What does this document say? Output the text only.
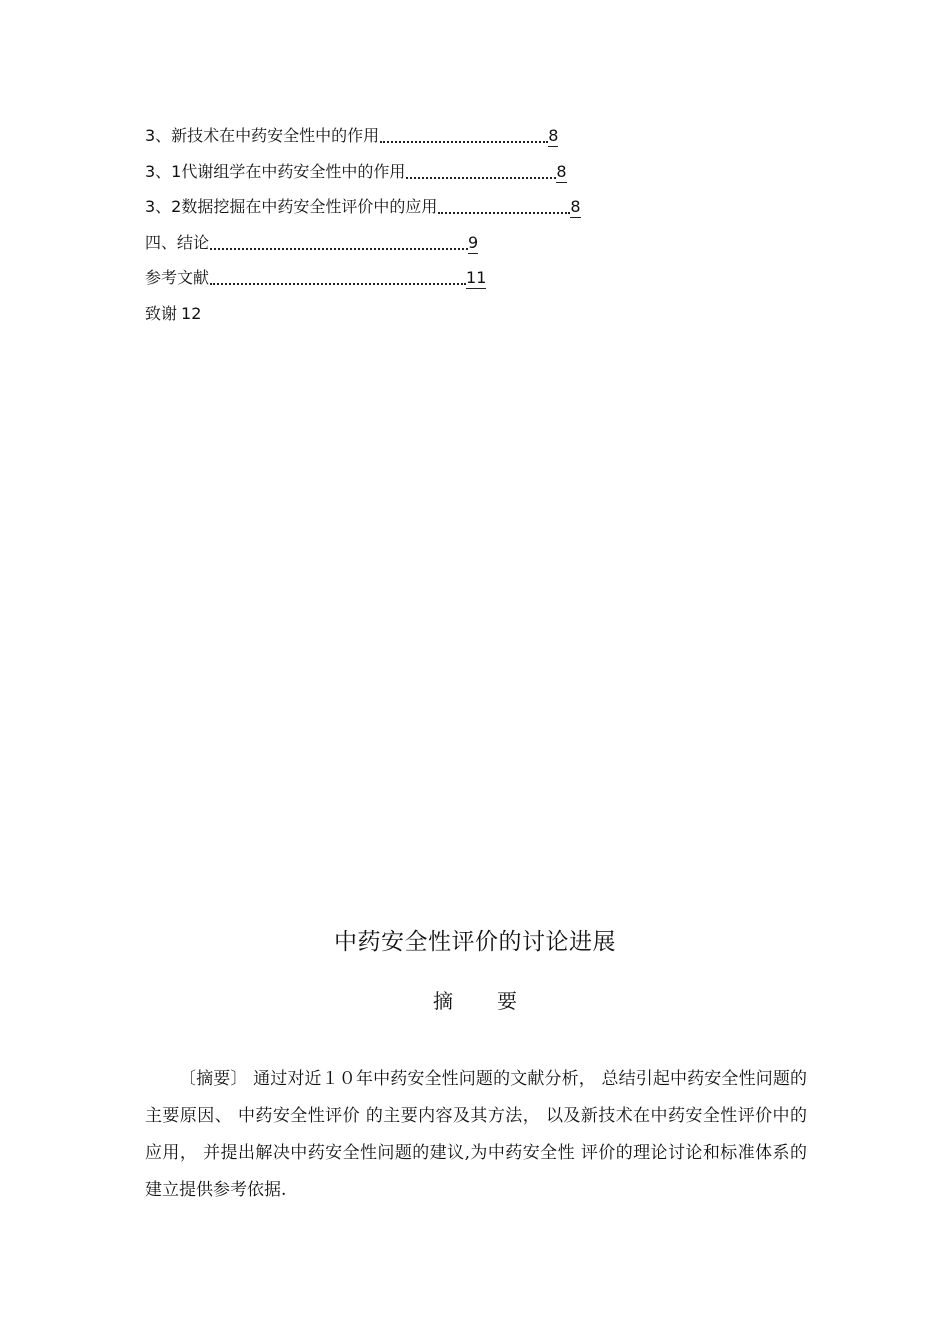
3、新技术在中药安全性中的作用	8
3、1代谢组学在中药安全性中的作用	8
3、2数据挖掘在中药安全性评价中的应用	8
四、结论	9
参考文献	11
致谢 12
中药安全性评价的讨论进展
摘 要

〔摘要〕 通过对近１０年中药安全性问题的文献分析， 总结引起中药安全性问题的主要原因、 中药安全性评价 的主要内容及其方法， 以及新技术在中药安全性评价中的应用， 并提出解决中药安全性问题的建议,为中药安全性 评价的理论讨论和标准体系的建立提供参考依据.
